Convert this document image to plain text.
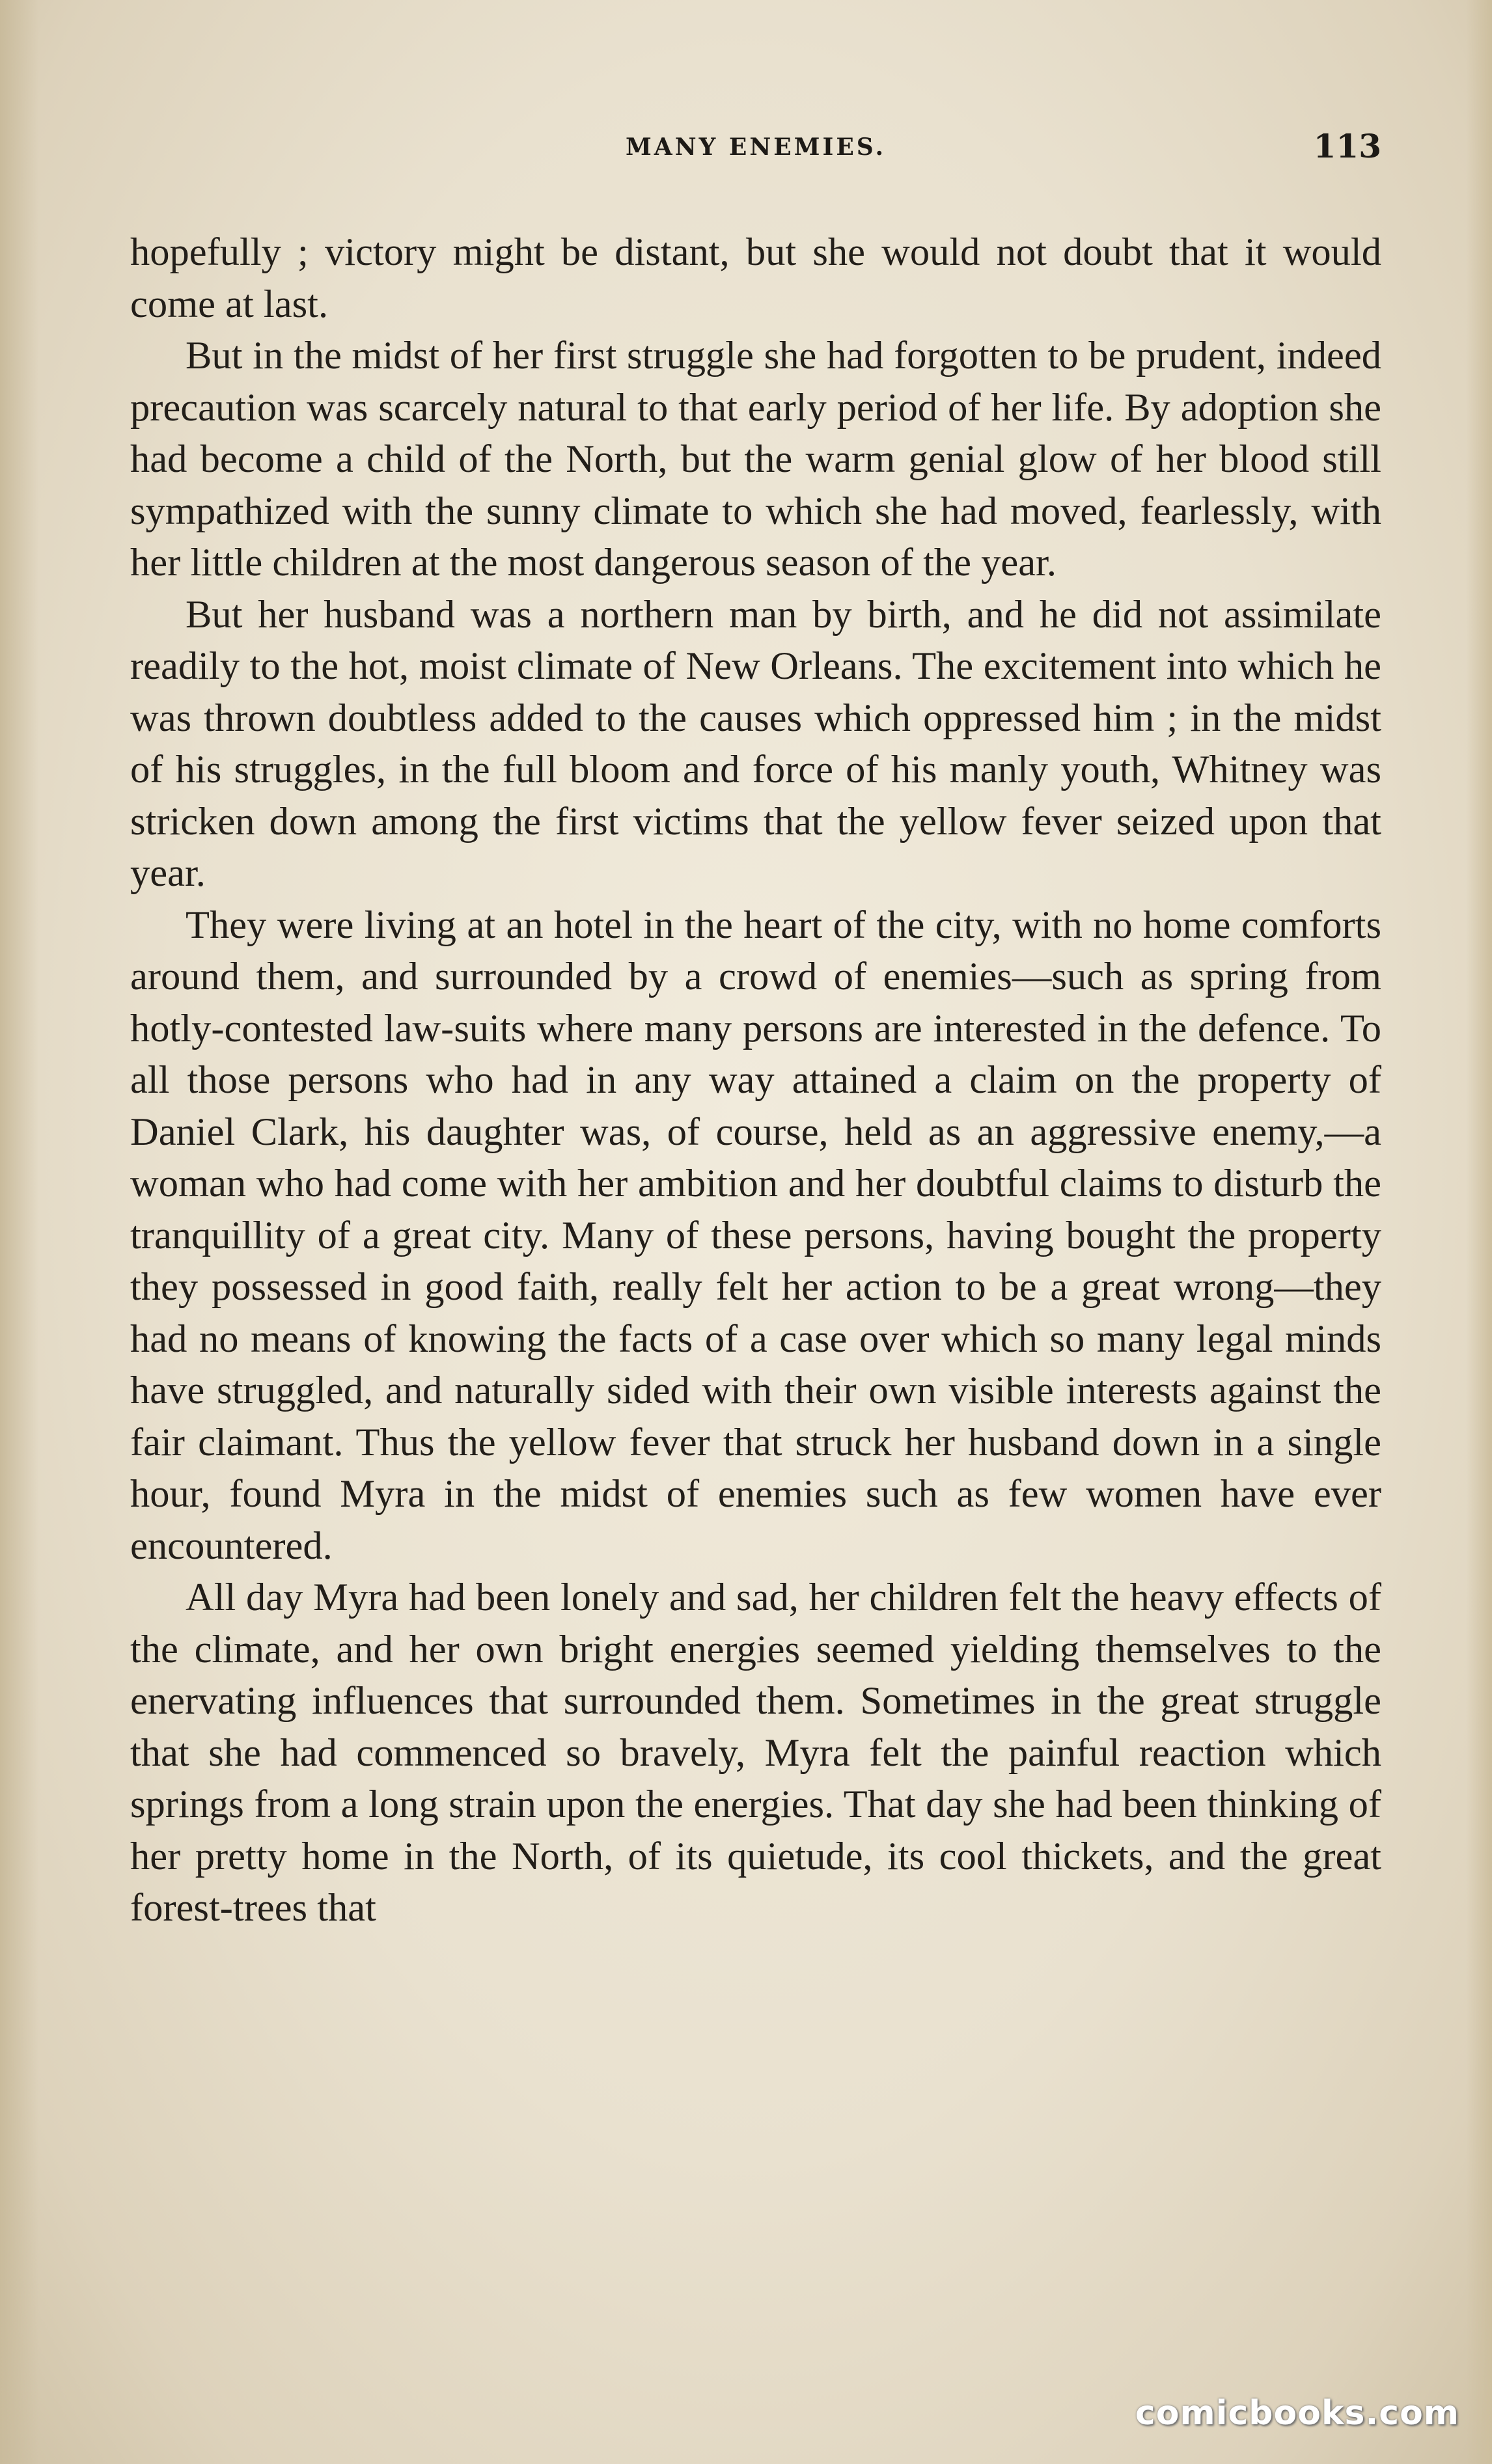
MANY ENEMIES.	113

hopefully ; victory might be distant, but she would not doubt that it would come at last.

But in the midst of her first struggle she had forgotten to be prudent, indeed precaution was scarcely natural to that early period of her life. By adoption she had become a child of the North, but the warm genial glow of her blood still sympathized with the sunny climate to which she had moved, fearlessly, with her little children at the most dangerous season of the year.

But her husband was a northern man by birth, and he did not assimilate readily to the hot, moist climate of New Orleans. The excitement into which he was thrown doubtless added to the causes which oppressed him ; in the midst of his struggles, in the full bloom and force of his manly youth, Whitney was stricken down among the first victims that the yellow fever seized upon that year.

They were living at an hotel in the heart of the city, with no home comforts around them, and surrounded by a crowd of enemies—such as spring from hotly-contested law-suits where many persons are interested in the defence. To all those persons who had in any way attained a claim on the property of Daniel Clark, his daughter was, of course, held as an aggressive enemy,—a woman who had come with her ambition and her doubtful claims to disturb the tranquillity of a great city. Many of these persons, having bought the property they possessed in good faith, really felt her action to be a great wrong—they had no means of knowing the facts of a case over which so many legal minds have struggled, and naturally sided with their own visible interests against the fair claimant. Thus the yellow fever that struck her husband down in a single hour, found Myra in the midst of enemies such as few women have ever encountered.

All day Myra had been lonely and sad, her children felt the heavy effects of the climate, and her own bright energies seemed yielding themselves to the enervating influences that surrounded them. Sometimes in the great struggle that she had commenced so bravely, Myra felt the painful reaction which springs from a long strain upon the energies. That day she had been thinking of her pretty home in the North, of its quietude, its cool thickets, and the great forest-trees that

comicbooks.com
